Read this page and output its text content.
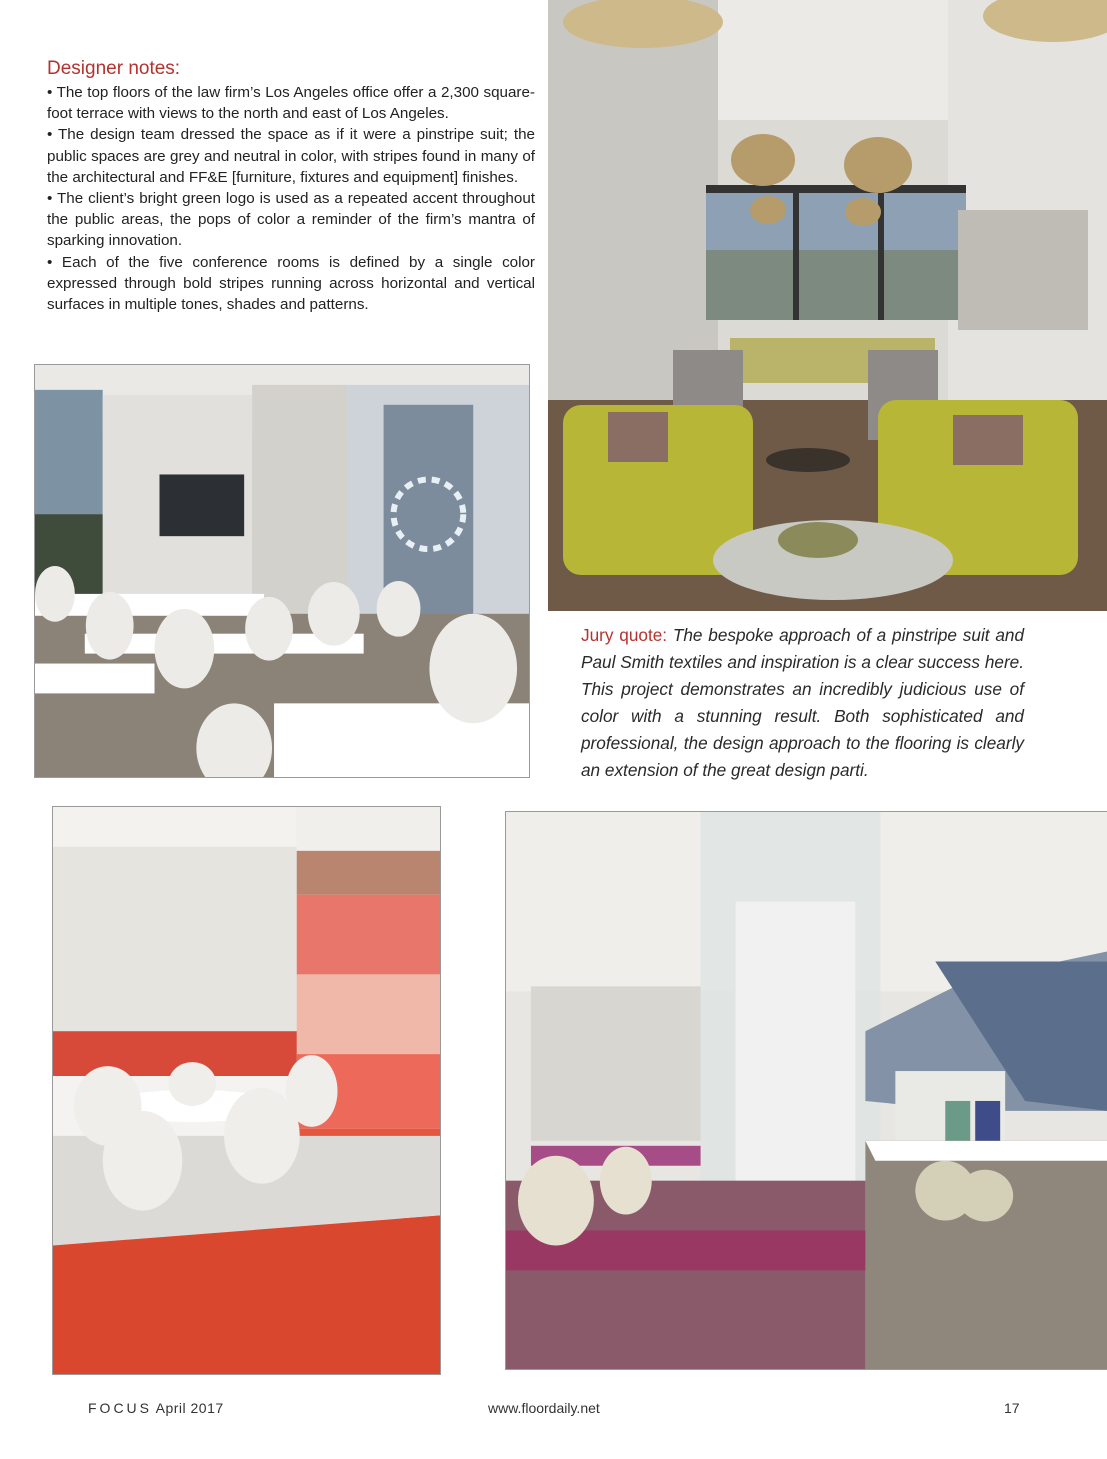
Designer notes:
• The top floors of the law firm’s Los Angeles office offer a 2,300 square-foot terrace with views to the north and east of Los Angeles.
• The design team dressed the space as if it were a pinstripe suit; the public spaces are grey and neutral in color, with stripes found in many of the architectural and FF&E [furniture, fixtures and equipment] finishes.
• The client’s bright green logo is used as a repeated accent throughout the public areas, the pops of color a reminder of the firm’s mantra of sparking innovation.
• Each of the five conference rooms is defined by a single color expressed through bold stripes running across horizontal and vertical surfaces in multiple tones, shades and patterns.
Jury quote: The bespoke approach of a pinstripe suit and Paul Smith textiles and inspiration is a clear success here. This project demonstrates an incredibly judicious use of color with a stunning result. Both sophisticated and professional, the design approach to the flooring is clearly an extension of the great design parti.
FOCUS April 2017	www.floordaily.net	17
